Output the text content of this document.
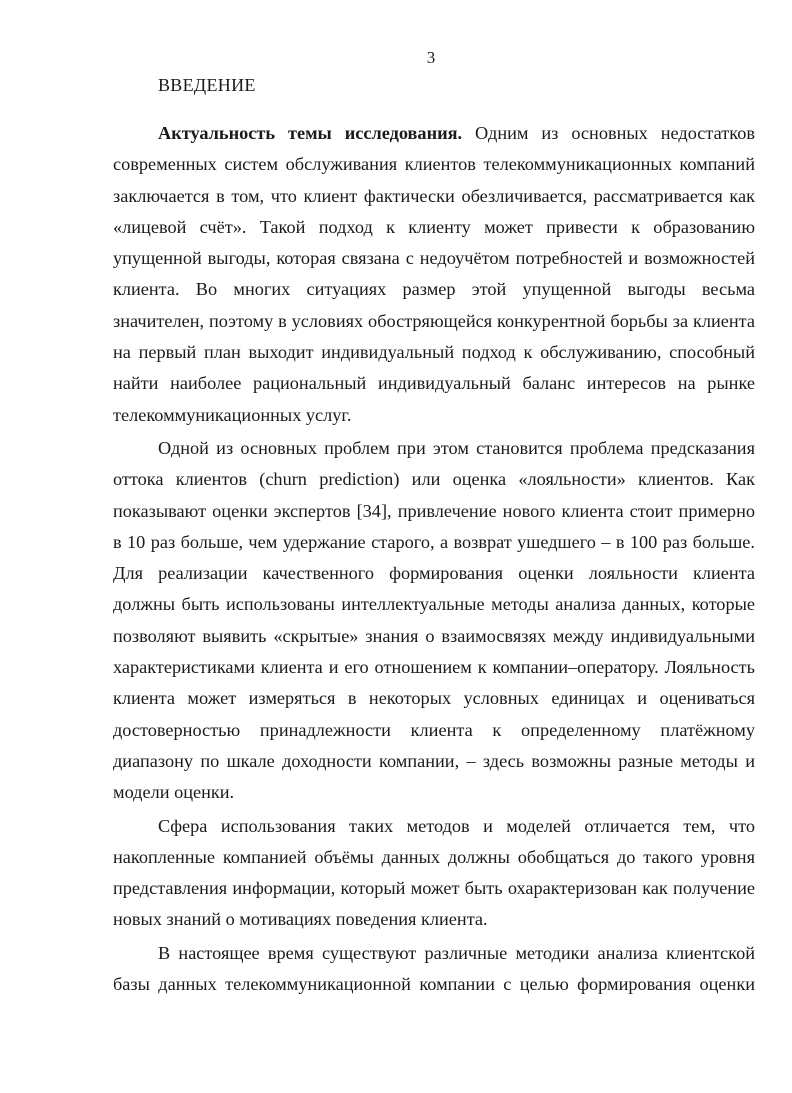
3
ВВЕДЕНИЕ

Актуальность темы исследования. Одним из основных недостатков современных систем обслуживания клиентов телекоммуникационных компаний заключается в том, что клиент фактически обезличивается, рассматривается как «лицевой счёт». Такой подход к клиенту может привести к образованию упущенной выгоды, которая связана с недоучётом потребностей и возможностей клиента. Во многих ситуациях размер этой упущенной выгоды весьма значителен, поэтому в условиях обостряющейся конкурентной борьбы за клиента на первый план выходит индивидуальный подход к обслуживанию, способный найти наиболее рациональный индивидуальный баланс интересов на рынке телекоммуникационных услуг.

Одной из основных проблем при этом становится проблема предсказания оттока клиентов (churn prediction) или оценка «лояльности» клиентов. Как показывают оценки экспертов [34], привлечение нового клиента стоит примерно в 10 раз больше, чем удержание старого, а возврат ушедшего – в 100 раз больше. Для реализации качественного формирования оценки лояльности клиента должны быть использованы интеллектуальные методы анализа данных, которые позволяют выявить «скрытые» знания о взаимосвязях между индивидуальными характеристиками клиента и его отношением к компании–оператору. Лояльность клиента может измеряться в некоторых условных единицах и оцениваться достоверностью принадлежности клиента к определенному платёжному диапазону по шкале доходности компании, – здесь возможны разные методы и модели оценки.

Сфера использования таких методов и моделей отличается тем, что накопленные компанией объёмы данных должны обобщаться до такого уровня представления информации, который может быть охарактеризован как получение новых знаний о мотивациях поведения клиента.

В настоящее время существуют различные методики анализа клиентской базы данных телекоммуникационной компании с целью формирования оценки
